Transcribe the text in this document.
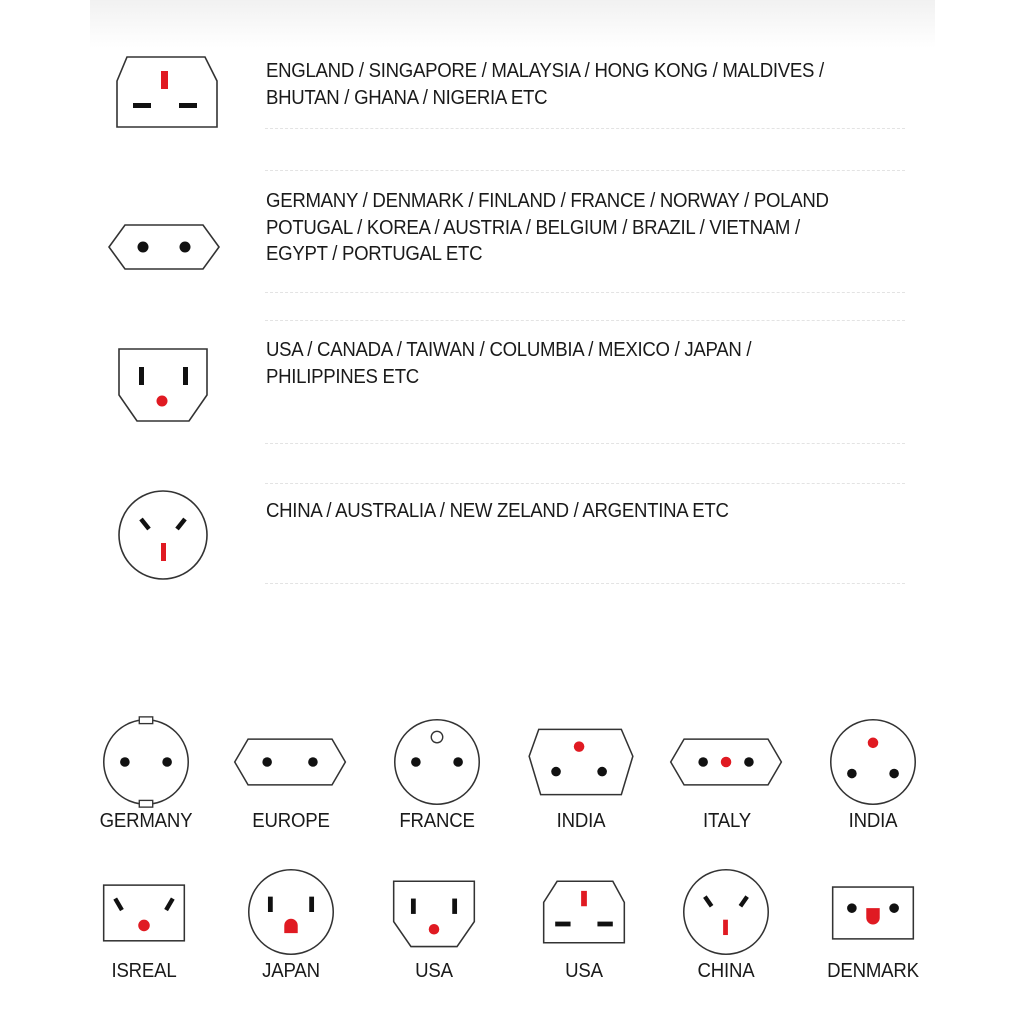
ENGLAND / SINGAPORE / MALAYSIA / HONG KONG / MALDIVES /
BHUTAN / GHANA / NIGERIA ETC
GERMANY / DENMARK / FINLAND / FRANCE / NORWAY / POLAND
POTUGAL / KOREA / AUSTRIA / BELGIUM / BRAZIL / VIETNAM /
EGYPT / PORTUGAL ETC
USA / CANADA / TAIWAN / COLUMBIA / MEXICO / JAPAN /
PHILIPPINES ETC
CHINA / AUSTRALIA / NEW ZELAND / ARGENTINA ETC
GERMANY	EUROPE	FRANCE	INDIA	ITALY	INDIA
ISREAL	JAPAN	USA	USA	CHINA	DENMARK
